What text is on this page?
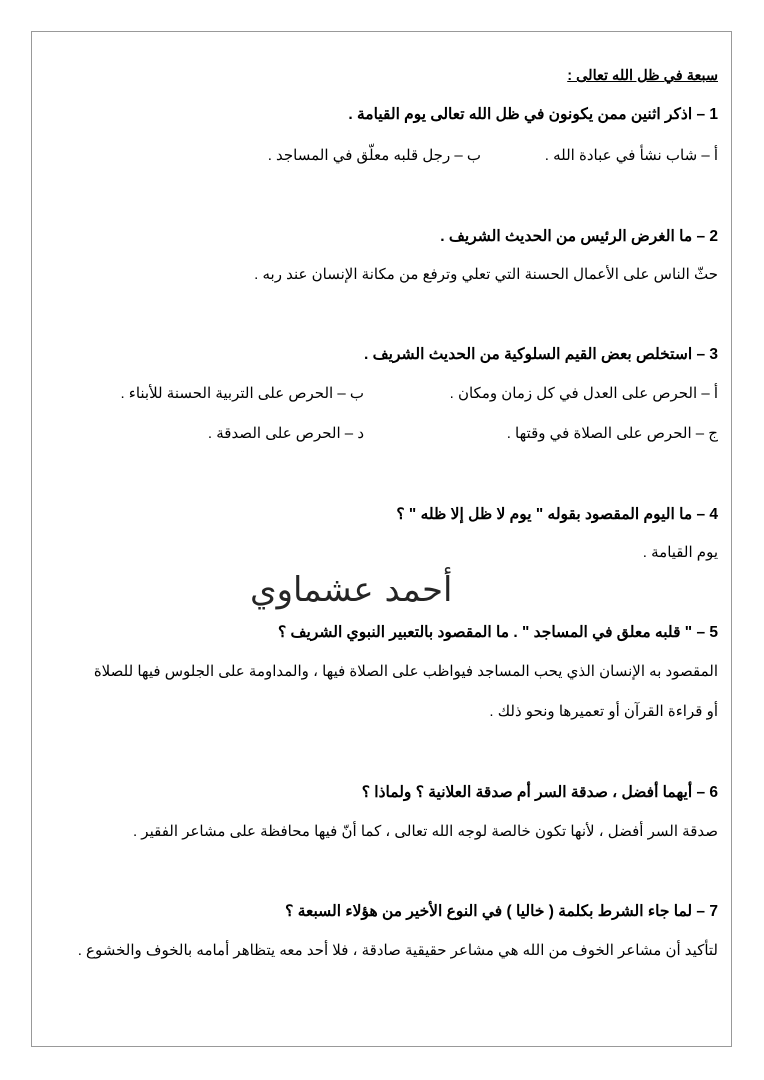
سبعة في ظل الله تعالى :
1 – اذكر اثنين ممن يكونون في ظل الله تعالى يوم القيامة .
أ – شاب نشأ في عبادة الله .
ب – رجل قلبه معلّق في المساجد .
2 – ما الغرض الرئيس من الحديث الشريف .
حثّ الناس على الأعمال الحسنة التي تعلي وترفع من مكانة الإنسان عند ربه .
3 – استخلص بعض القيم السلوكية من الحديث الشريف .
أ – الحرص على العدل في كل زمان ومكان .
ب – الحرص على التربية الحسنة للأبناء .
ج – الحرص على الصلاة في وقتها .
د – الحرص على الصدقة .
4 – ما اليوم المقصود بقوله " يوم لا ظل إلا ظله " ؟
يوم القيامة .
أحمد عشماوي
5 – " قلبه معلق في المساجد " . ما المقصود بالتعبير النبوي الشريف ؟
المقصود به الإنسان الذي يحب المساجد فيواظب على الصلاة فيها ، والمداومة على الجلوس فيها للصلاة
أو قراءة القرآن أو تعميرها ونحو ذلك .
6 – أيهما أفضل ، صدقة السر أم صدقة العلانية ؟ ولماذا ؟
صدقة السر أفضل ، لأنها تكون خالصة لوجه الله تعالى ، كما أنّ فيها محافظة على مشاعر الفقير .
7 – لما جاء الشرط بكلمة ( خاليا ) في النوع الأخير من هؤلاء السبعة ؟
لتأكيد أن مشاعر الخوف من الله هي مشاعر حقيقية صادقة ، فلا أحد معه يتظاهر أمامه بالخوف والخشوع .
